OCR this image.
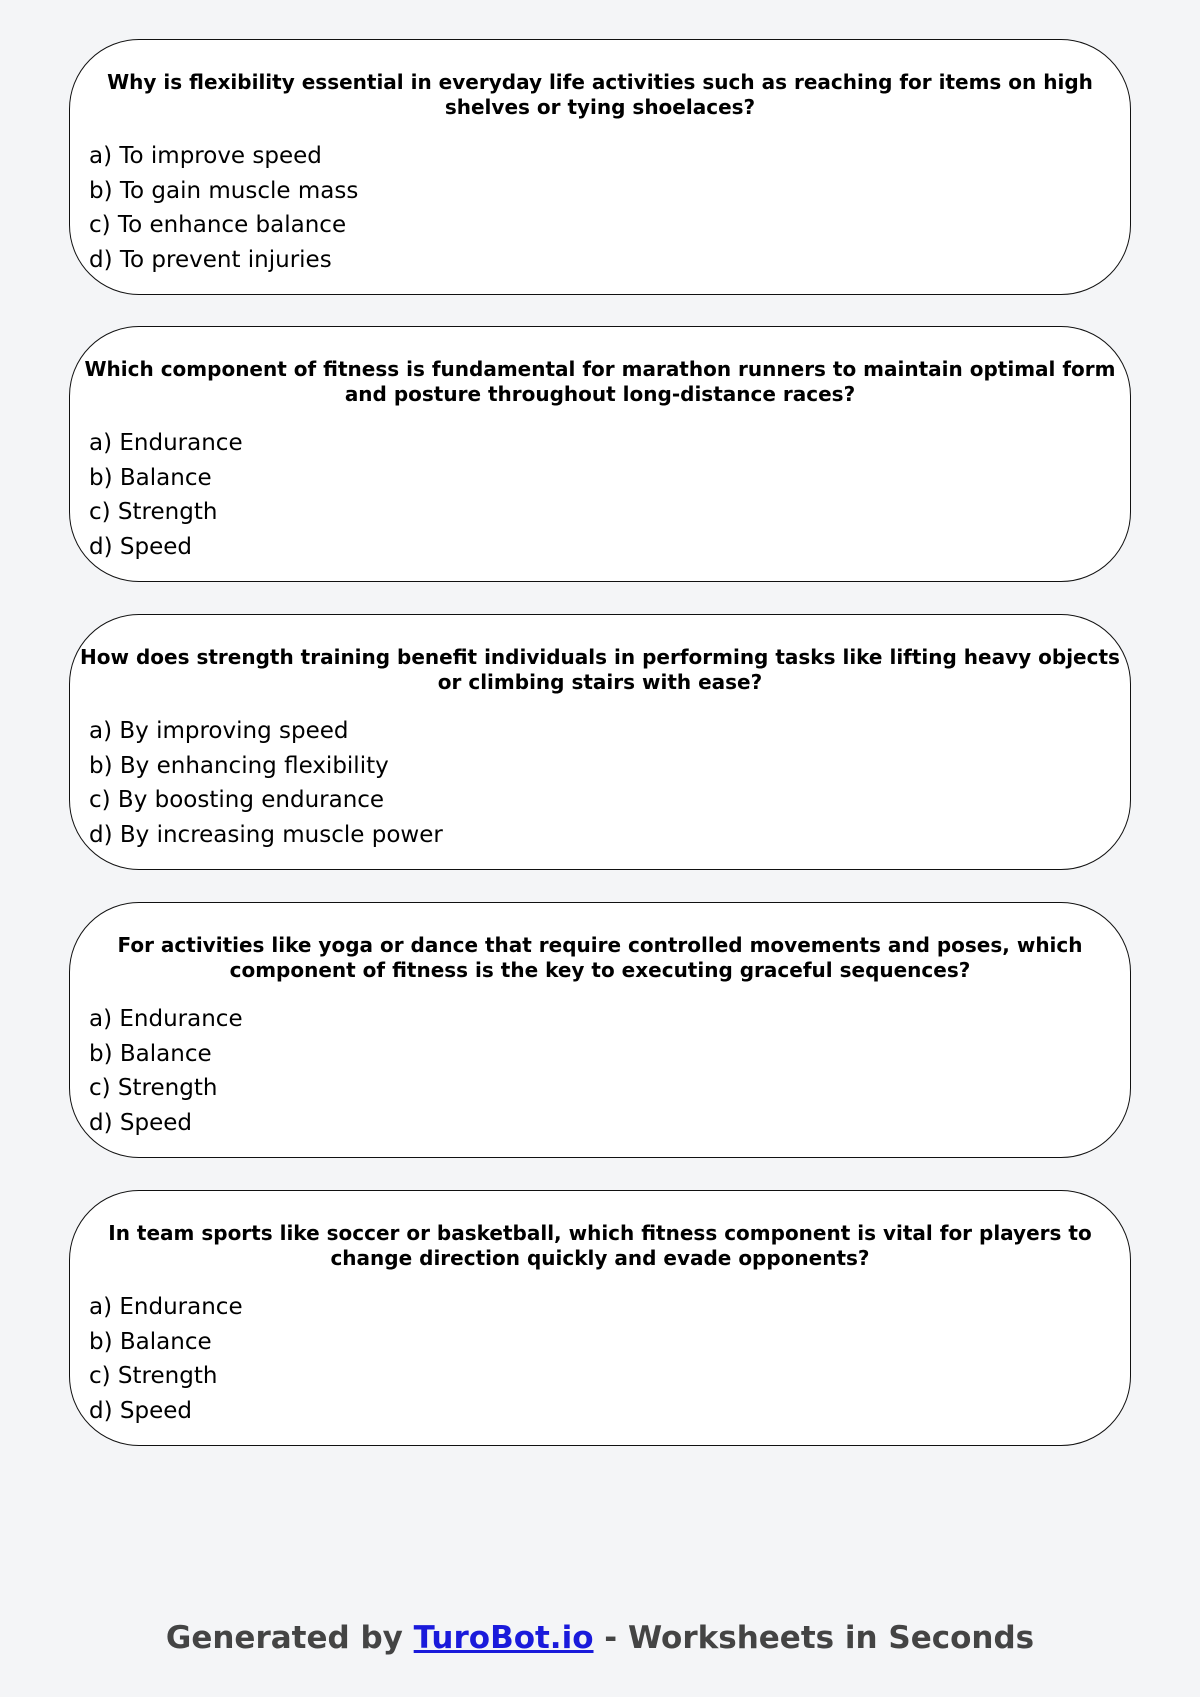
Why is flexibility essential in everyday life activities such as reaching for items on high shelves or tying shoelaces?
a) To improve speed
b) To gain muscle mass
c) To enhance balance
d) To prevent injuries
Which component of fitness is fundamental for marathon runners to maintain optimal form and posture throughout long-distance races?
a) Endurance
b) Balance
c) Strength
d) Speed
How does strength training benefit individuals in performing tasks like lifting heavy objects or climbing stairs with ease?
a) By improving speed
b) By enhancing flexibility
c) By boosting endurance
d) By increasing muscle power
For activities like yoga or dance that require controlled movements and poses, which component of fitness is the key to executing graceful sequences?
a) Endurance
b) Balance
c) Strength
d) Speed
In team sports like soccer or basketball, which fitness component is vital for players to change direction quickly and evade opponents?
a) Endurance
b) Balance
c) Strength
d) Speed
Generated by TuroBot.io - Worksheets in Seconds
